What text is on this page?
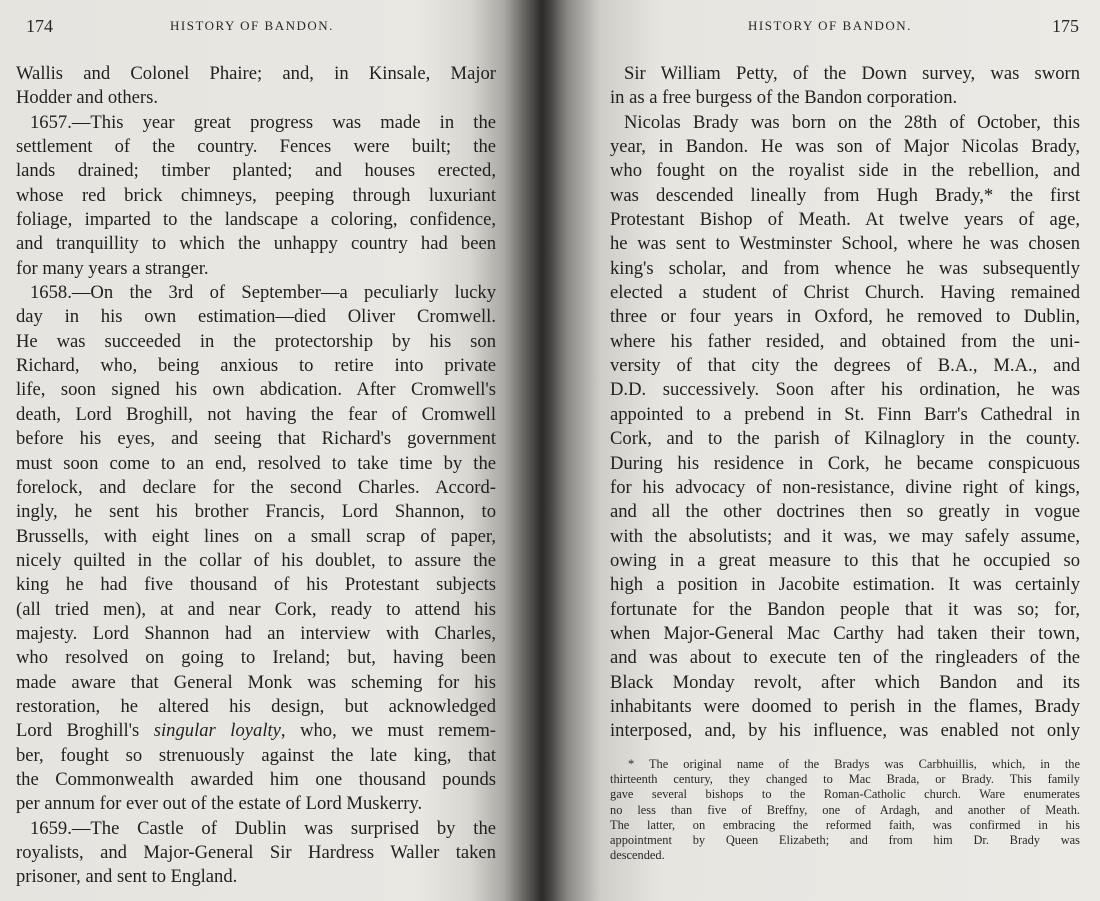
174	HISTORY OF BANDON.
Wallis and Colonel Phaire; and, in Kinsale, Major
Hodder and others.
1657.—This year great progress was made in the
settlement of the country. Fences were built; the
lands drained; timber planted; and houses erected,
whose red brick chimneys, peeping through luxuriant
foliage, imparted to the landscape a coloring, confidence,
and tranquillity to which the unhappy country had been
for many years a stranger.
1658.—On the 3rd of September—a peculiarly lucky
day in his own estimation—died Oliver Cromwell.
He was succeeded in the protectorship by his son
Richard, who, being anxious to retire into private
life, soon signed his own abdication. After Cromwell's
death, Lord Broghill, not having the fear of Cromwell
before his eyes, and seeing that Richard's government
must soon come to an end, resolved to take time by the
forelock, and declare for the second Charles. Accord-
ingly, he sent his brother Francis, Lord Shannon, to
Brussells, with eight lines on a small scrap of paper,
nicely quilted in the collar of his doublet, to assure the
king he had five thousand of his Protestant subjects
(all tried men), at and near Cork, ready to attend his
majesty. Lord Shannon had an interview with Charles,
who resolved on going to Ireland; but, having been
made aware that General Monk was scheming for his
restoration, he altered his design, but acknowledged
Lord Broghill's singular loyalty, who, we must remem-
ber, fought so strenuously against the late king, that
the Commonwealth awarded him one thousand pounds
per annum for ever out of the estate of Lord Muskerry.
1659.—The Castle of Dublin was surprised by the
royalists, and Major-General Sir Hardress Waller taken
prisoner, and sent to England.
HISTORY OF BANDON.	175
Sir William Petty, of the Down survey, was sworn
in as a free burgess of the Bandon corporation.
Nicolas Brady was born on the 28th of October, this
year, in Bandon. He was son of Major Nicolas Brady,
who fought on the royalist side in the rebellion, and
was descended lineally from Hugh Brady,* the first
Protestant Bishop of Meath. At twelve years of age,
he was sent to Westminster School, where he was chosen
king's scholar, and from whence he was subsequently
elected a student of Christ Church. Having remained
three or four years in Oxford, he removed to Dublin,
where his father resided, and obtained from the uni-
versity of that city the degrees of B.A., M.A., and
D.D. successively. Soon after his ordination, he was
appointed to a prebend in St. Finn Barr's Cathedral in
Cork, and to the parish of Kilnaglory in the county.
During his residence in Cork, he became conspicuous
for his advocacy of non-resistance, divine right of kings,
and all the other doctrines then so greatly in vogue
with the absolutists; and it was, we may safely assume,
owing in a great measure to this that he occupied so
high a position in Jacobite estimation. It was certainly
fortunate for the Bandon people that it was so; for,
when Major-General Mac Carthy had taken their town,
and was about to execute ten of the ringleaders of the
Black Monday revolt, after which Bandon and its
inhabitants were doomed to perish in the flames, Brady
interposed, and, by his influence, was enabled not only
* The original name of the Bradys was Carbhuillis, which, in the
thirteenth century, they changed to Mac Brada, or Brady. This family
gave several bishops to the Roman-Catholic church. Ware enumerates
no less than five of Breffny, one of Ardagh, and another of Meath.
The latter, on embracing the reformed faith, was confirmed in his
appointment by Queen Elizabeth; and from him Dr. Brady was
descended.
